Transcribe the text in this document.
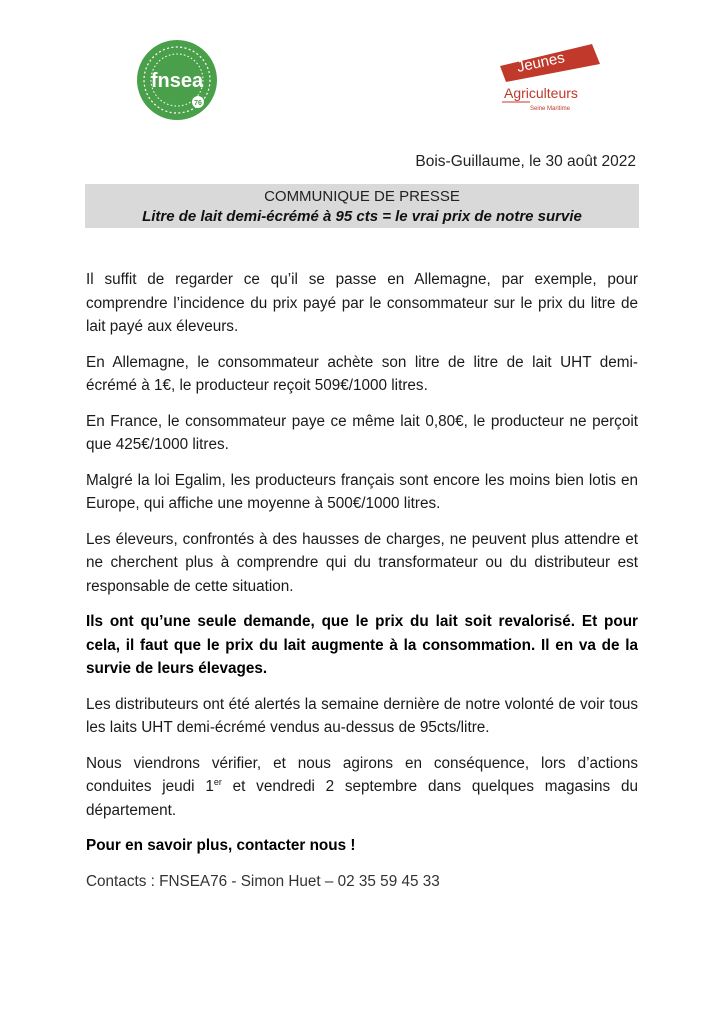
fnsea
76
Jeunes
Agriculteurs
Seine Maritime
Bois-Guillaume, le 30 août 2022
COMMUNIQUE DE PRESSE
Litre de lait demi-écrémé à 95 cts = le vrai prix de notre survie

Il suffit de regarder ce qu’il se passe en Allemagne, par exemple, pour comprendre l’incidence du prix payé par le consommateur sur le prix du litre de lait payé aux éleveurs.

En Allemagne, le consommateur achète son litre de litre de lait UHT demi-écrémé à 1€, le producteur reçoit 509€/1000 litres.

En France, le consommateur paye ce même lait 0,80€, le producteur ne perçoit que 425€/1000 litres.

Malgré la loi Egalim, les producteurs français sont encore les moins bien lotis en Europe, qui affiche une moyenne à 500€/1000 litres.

Les éleveurs, confrontés à des hausses de charges, ne peuvent plus attendre et ne cherchent plus à comprendre qui du transformateur ou du distributeur est responsable de cette situation.

Ils ont qu’une seule demande, que le prix du lait soit revalorisé. Et pour cela, il faut que le prix du lait augmente à la consommation. Il en va de la survie de leurs élevages.

Les distributeurs ont été alertés la semaine dernière de notre volonté de voir tous les laits UHT demi-écrémé vendus au-dessus de 95cts/litre.

Nous viendrons vérifier, et nous agirons en conséquence, lors d’actions conduites jeudi 1er et vendredi 2 septembre dans quelques magasins du département.

Pour en savoir plus, contacter nous !

Contacts : FNSEA76 - Simon Huet – 02 35 59 45 33
